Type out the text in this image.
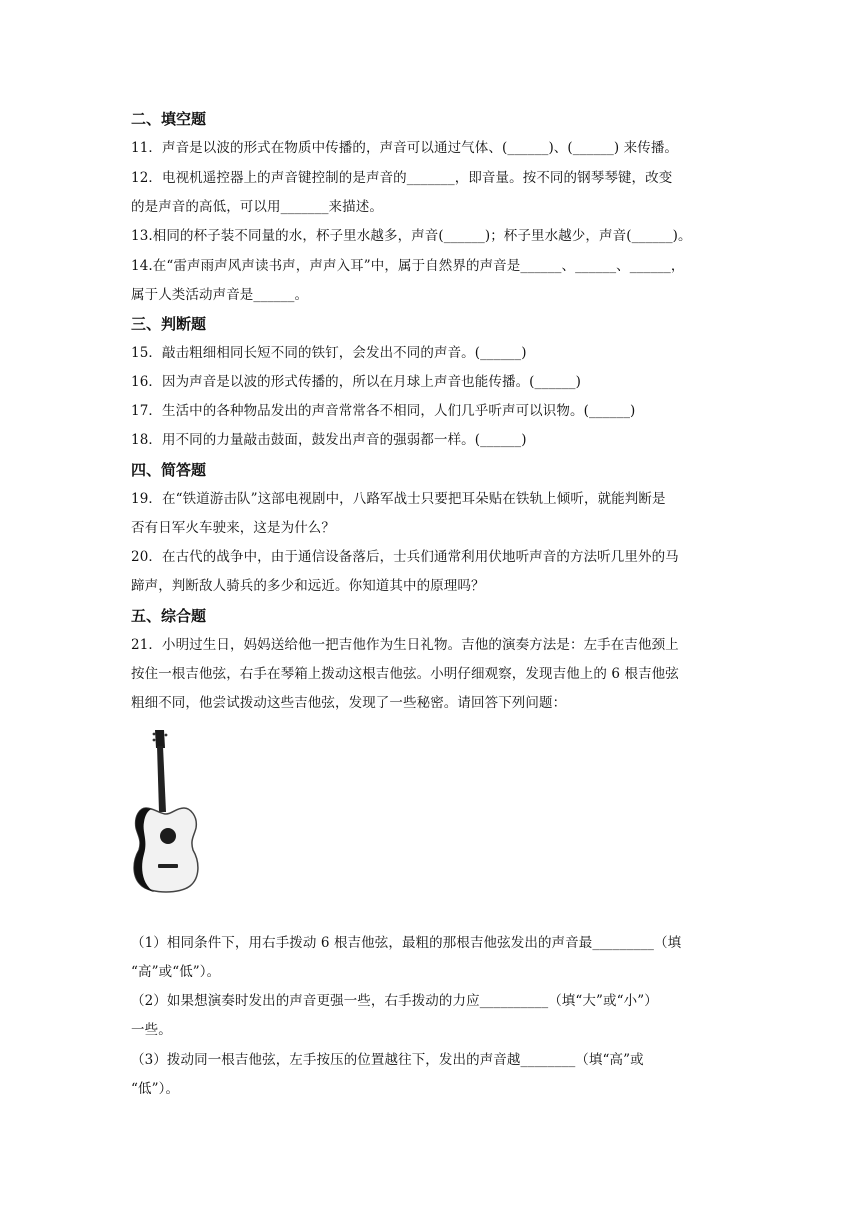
二、填空题
11．声音是以波的形式在物质中传播的，声音可以通过气体、(______)、(______) 来传播。
12．电视机遥控器上的声音键控制的是声音的_______，即音量。按不同的钢琴琴键，改变
的是声音的高低，可以用_______来描述。
13.相同的杯子装不同量的水，杯子里水越多，声音(______)；杯子里水越少，声音(______)。
14.在“雷声雨声风声读书声，声声入耳”中，属于自然界的声音是______、______、______，
属于人类活动声音是______。
三、判断题
15．敲击粗细相同长短不同的铁钉，会发出不同的声音。(______)
16．因为声音是以波的形式传播的，所以在月球上声音也能传播。(______)
17．生活中的各种物品发出的声音常常各不相同，人们几乎听声可以识物。(______)
18．用不同的力量敲击鼓面，鼓发出声音的强弱都一样。(______)
四、简答题
19．在“铁道游击队”这部电视剧中，八路军战士只要把耳朵贴在铁轨上倾听，就能判断是
否有日军火车驶来，这是为什么？
20．在古代的战争中，由于通信设备落后，士兵们通常利用伏地听声音的方法听几里外的马
蹄声，判断敌人骑兵的多少和远近。你知道其中的原理吗？
五、综合题
21．小明过生日，妈妈送给他一把吉他作为生日礼物。吉他的演奏方法是：左手在吉他颈上
按住一根吉他弦，右手在琴箱上拨动这根吉他弦。小明仔细观察，发现吉他上的 6 根吉他弦
粗细不同，他尝试拨动这些吉他弦，发现了一些秘密。请回答下列问题：
（1）相同条件下，用右手拨动 6 根吉他弦，最粗的那根吉他弦发出的声音最_________（填
“高”或“低”）。
（2）如果想演奏时发出的声音更强一些，右手拨动的力应__________（填“大”或“小”）
一些。
（3）拨动同一根吉他弦，左手按压的位置越往下，发出的声音越________（填“高”或
“低”）。
